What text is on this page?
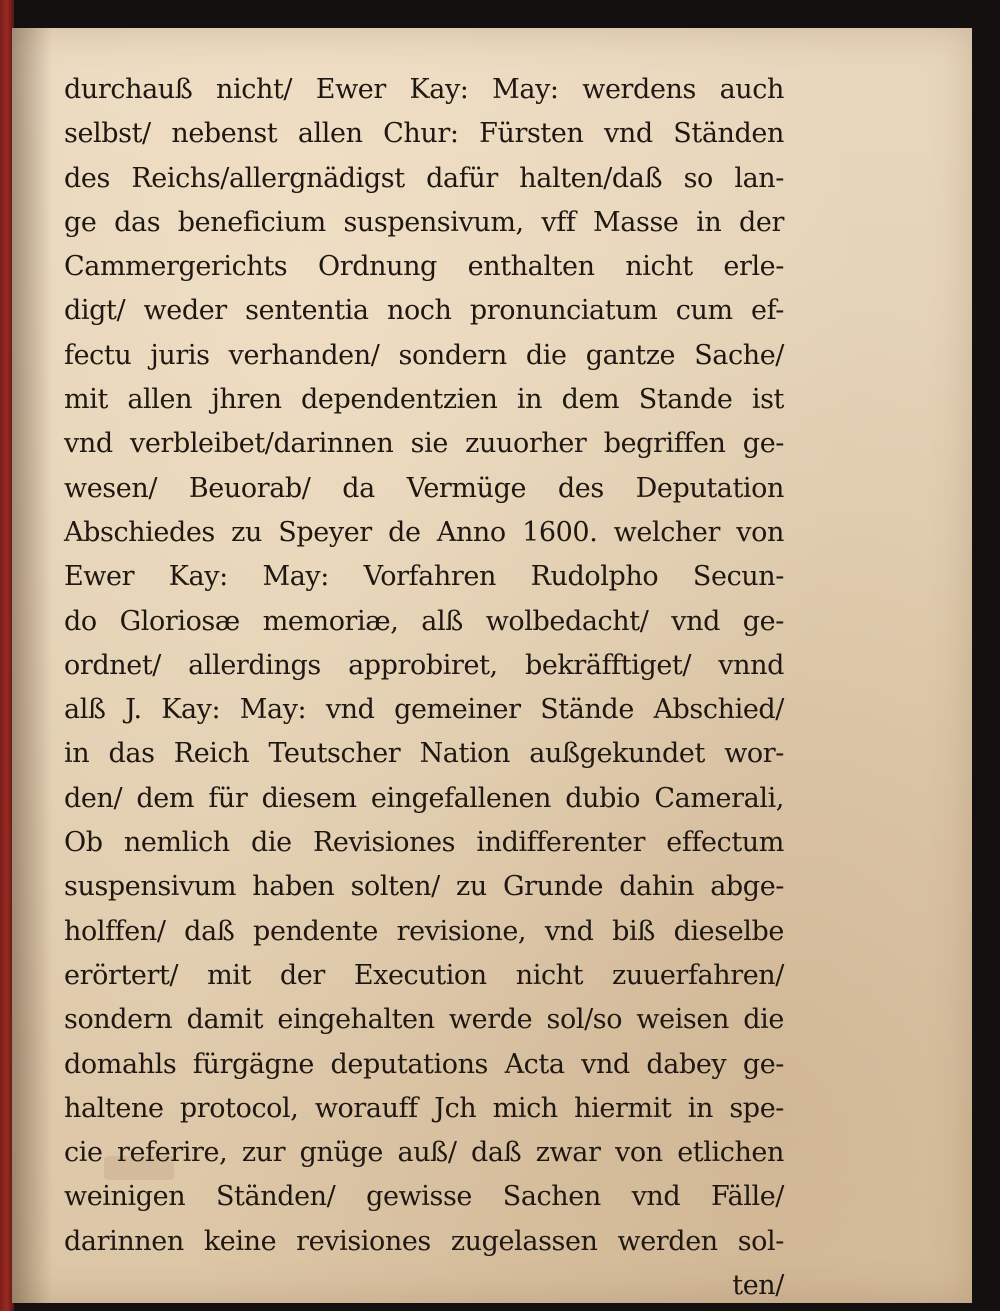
durchauß nicht/ Ewer Kay: May: werdens auch
selbst/ nebenst allen Chur: Fürsten vnd Ständen
des Reichs/allergnädigst dafür halten/daß so lan-
ge das beneficium suspensivum, vff Masse in der
Cammergerichts Ordnung enthalten nicht erle-
digt/ weder sententia noch pronunciatum cum ef-
fectu juris verhanden/ sondern die gantze Sache/
mit allen jhren dependentzien in dem Stande ist
vnd verbleibet/darinnen sie zuuorher begriffen ge-
wesen/ Beuorab/ da Vermüge des Deputation
Abschiedes zu Speyer de Anno 1600. welcher von
Ewer Kay: May: Vorfahren Rudolpho Secun-
do Gloriosæ memoriæ, alß wolbedacht/ vnd ge-
ordnet/ allerdings approbiret, bekräfftiget/ vnnd
alß J. Kay: May: vnd gemeiner Stände Abschied/
in das Reich Teutscher Nation außgekundet wor-
den/ dem für diesem eingefallenen dubio Camerali,
Ob nemlich die Revisiones indifferenter effectum
suspensivum haben solten/ zu Grunde dahin abge-
holffen/ daß pendente revisione, vnd biß dieselbe
erörtert/ mit der Execution nicht zuuerfahren/
sondern damit eingehalten werde sol/so weisen die
domahls fürgägne deputations Acta vnd dabey ge-
haltene protocol, worauff Jch mich hiermit in spe-
cie referire, zur gnüge auß/ daß zwar von etlichen
weinigen Ständen/ gewisse Sachen vnd Fälle/
darinnen keine revisiones zugelassen werden sol-
ten/
